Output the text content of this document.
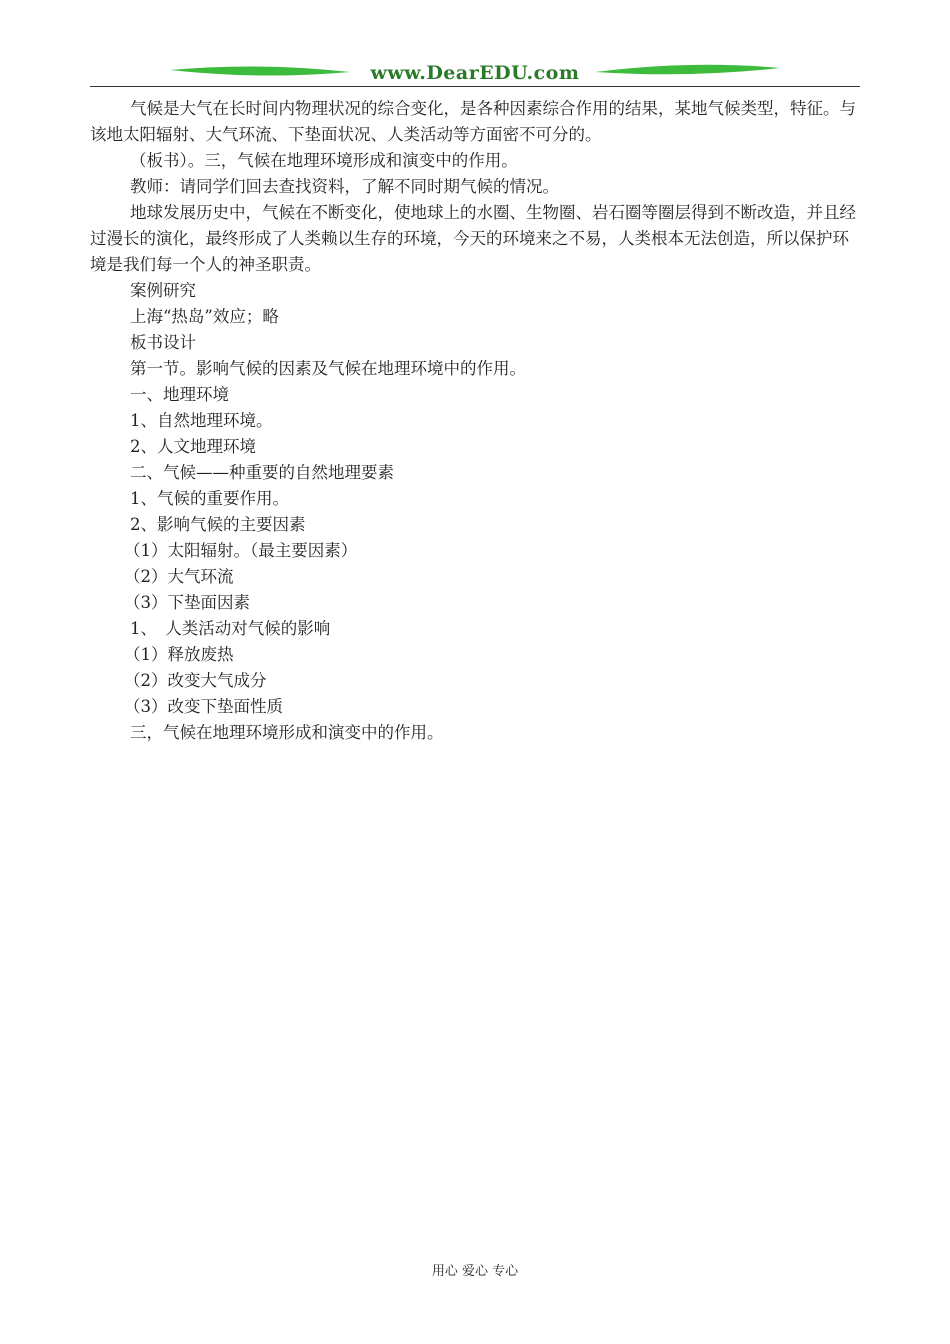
www.DearEDU.com

气候是大气在长时间内物理状况的综合变化，是各种因素综合作用的结果，某地气候类型，特征。与该地太阳辐射、大气环流、下垫面状况、人类活动等方面密不可分的。

（板书）。三，气候在地理环境形成和演变中的作用。

教师：请同学们回去查找资料，了解不同时期气候的情况。

地球发展历史中，气候在不断变化，使地球上的水圈、生物圈、岩石圈等圈层得到不断改造，并且经过漫长的演化，最终形成了人类赖以生存的环境，今天的环境来之不易，人类根本无法创造，所以保护环境是我们每一个人的神圣职责。

案例研究

上海“热岛”效应；略

板书设计

第一节。影响气候的因素及气候在地理环境中的作用。

一、地理环境

1、自然地理环境。

2、人文地理环境

二、气候——种重要的自然地理要素

1、气候的重要作用。

2、影响气候的主要因素

（1）太阳辐射。（最主要因素）

（2）大气环流

（3）下垫面因素

1、　人类活动对气候的影响

（1）释放废热

（2）改变大气成分

（3）改变下垫面性质

三，气候在地理环境形成和演变中的作用。

用心 爱心 专心
